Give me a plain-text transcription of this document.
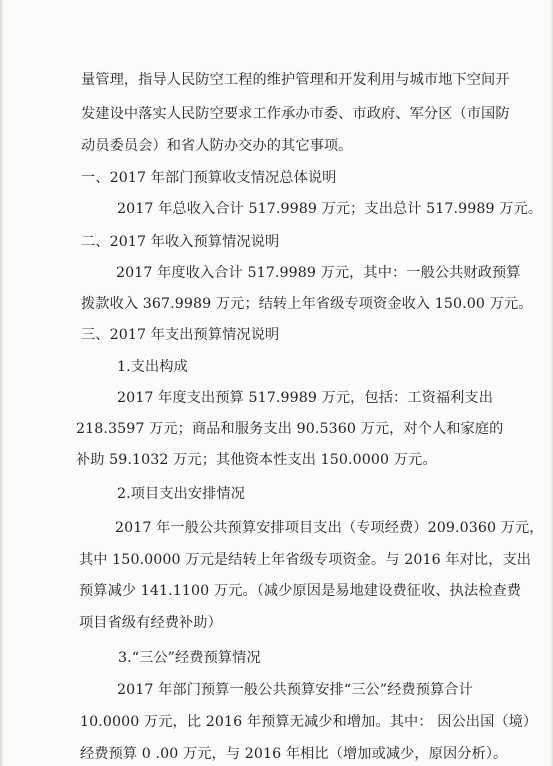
量管理，指导人民防空工程的维护管理和开发利用与城市地下空间开
发建设中落实人民防空要求工作承办市委、市政府、军分区（市国防
动员委员会）和省人防办交办的其它事项。
一、2017 年部门预算收支情况总体说明
2017 年总收入合计 517.9989 万元；支出总计 517.9989 万元。
二、2017 年收入预算情况说明
2017 年度收入合计 517.9989 万元，其中：一般公共财政预算
拨款收入 367.9989 万元；结转上年省级专项资金收入 150.00 万元。
三、2017 年支出预算情况说明
1.支出构成
2017 年度支出预算 517.9989 万元，包括：工资福利支出
218.3597 万元；商品和服务支出 90.5360 万元，对个人和家庭的
补助 59.1032 万元；其他资本性支出 150.0000 万元。
2.项目支出安排情况
2017 年一般公共预算安排项目支出（专项经费）209.0360 万元，
其中 150.0000 万元是结转上年省级专项资金。与 2016 年对比，支出
预算减少 141.1100 万元。（减少原因是易地建设费征收、执法检查费
项目省级有经费补助）
3.“三公”经费预算情况
2017 年部门预算一般公共预算安排“三公”经费预算合计
10.0000 万元，比 2016 年预算无减少和增加。其中： 因公出国（境）
经费预算 0 .00 万元，与 2016 年相比（增加或减少，原因分析）。
